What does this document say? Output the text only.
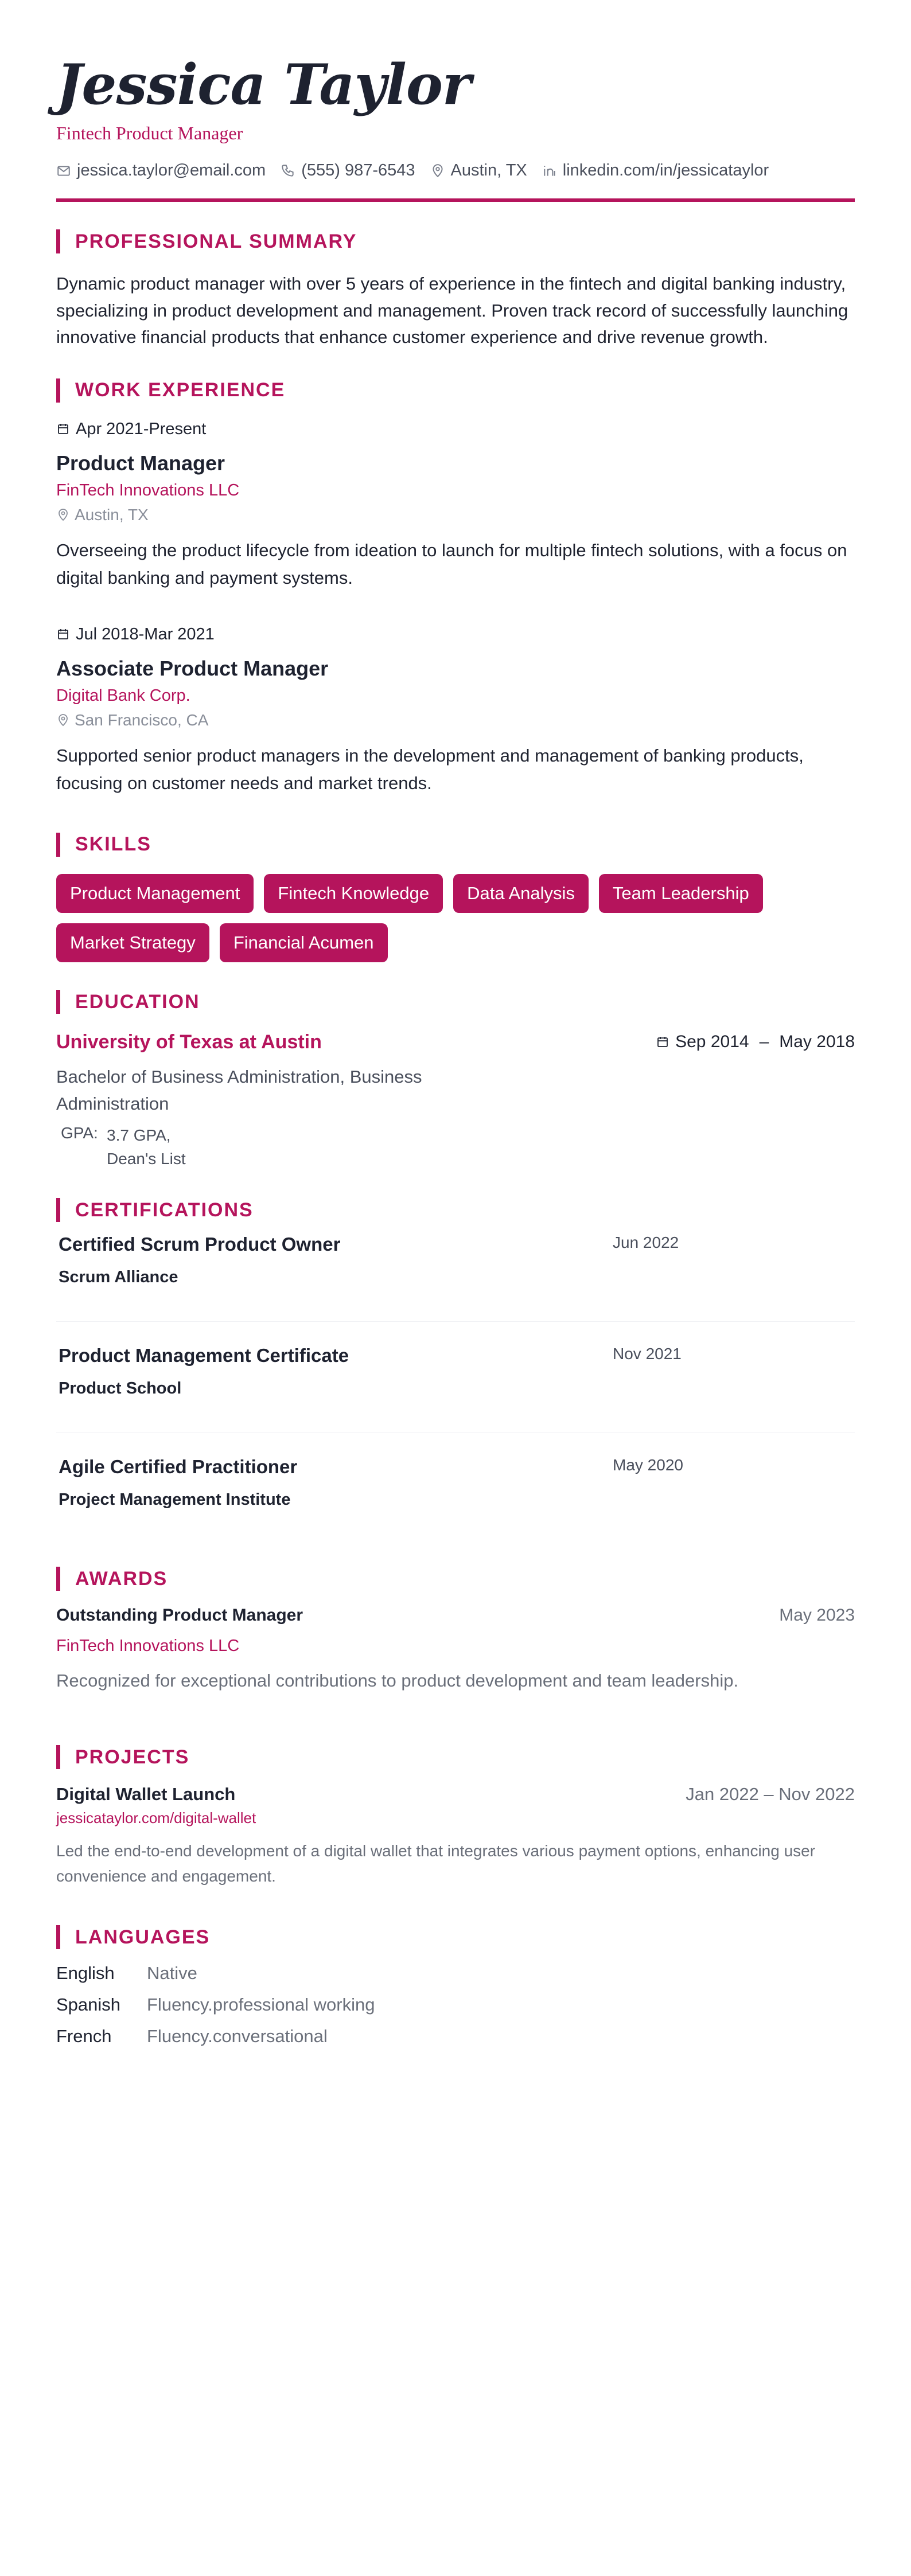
Jessica Taylor
Fintech Product Manager
jessica.taylor@email.com (555) 987-6543 Austin, TX linkedin.com/in/jessicataylor
PROFESSIONAL SUMMARY
Dynamic product manager with over 5 years of experience in the fintech and digital banking industry, specializing in product development and management. Proven track record of successfully launching innovative financial products that enhance customer experience and drive revenue growth.
WORK EXPERIENCE
Apr 2021-Present
Product Manager
FinTech Innovations LLC
Austin, TX
Overseeing the product lifecycle from ideation to launch for multiple fintech solutions, with a focus on digital banking and payment systems.
Jul 2018-Mar 2021
Associate Product Manager
Digital Bank Corp.
San Francisco, CA
Supported senior product managers in the development and management of banking products, focusing on customer needs and market trends.
SKILLS
Product Management	Fintech Knowledge	Data Analysis	Team Leadership
Market Strategy	Financial Acumen
EDUCATION
University of Texas at Austin	Sep 2014 – May 2018
Bachelor of Business Administration, Business Administration
GPA: 3.7 GPA,
Dean's List
CERTIFICATIONS
Certified Scrum Product Owner
Scrum Alliance
Jun 2022
Product Management Certificate
Product School
Nov 2021
Agile Certified Practitioner
Project Management Institute
May 2020
AWARDS
Outstanding Product Manager	May 2023
FinTech Innovations LLC
Recognized for exceptional contributions to product development and team leadership.
PROJECTS
Digital Wallet Launch	Jan 2022 – Nov 2022
jessicataylor.com/digital-wallet
Led the end-to-end development of a digital wallet that integrates various payment options, enhancing user convenience and engagement.
LANGUAGES
English	Native
Spanish	Fluency.professional working
French	Fluency.conversational
